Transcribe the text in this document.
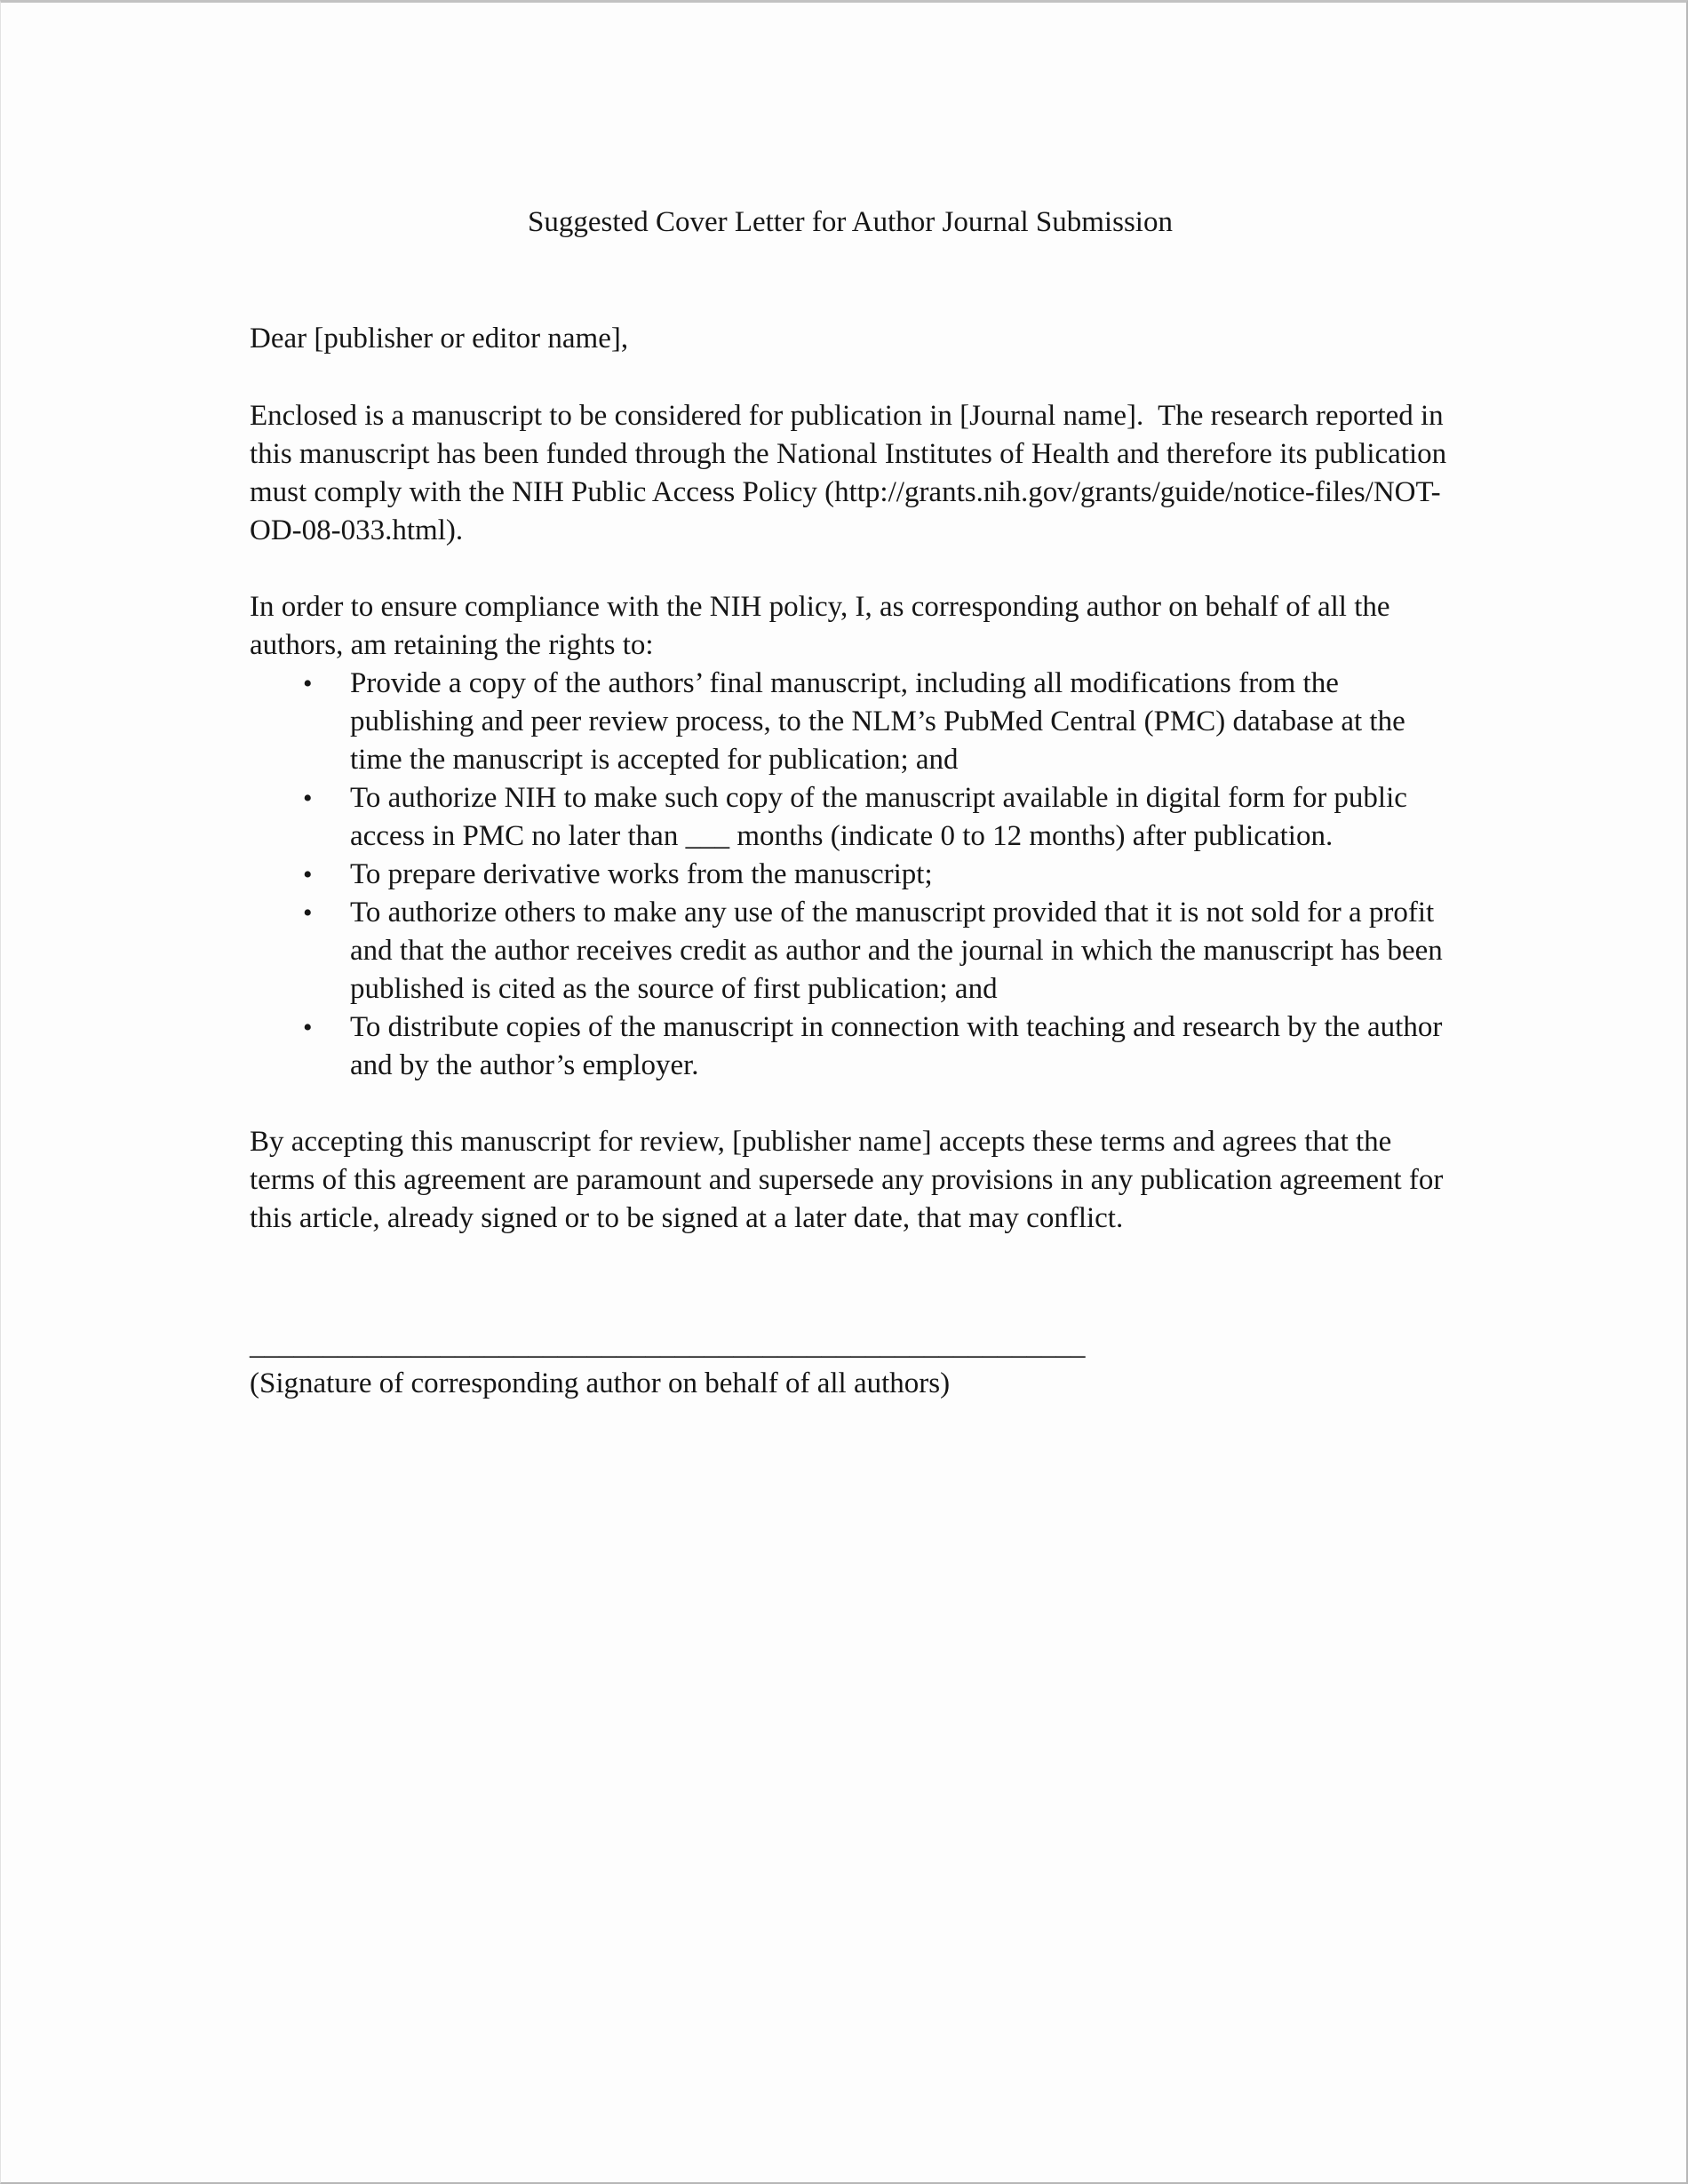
Suggested Cover Letter for Author Journal Submission

Dear [publisher or editor name],

Enclosed is a manuscript to be considered for publication in [Journal name].  The research reported in this manuscript has been funded through the National Institutes of Health and therefore its publication must comply with the NIH Public Access Policy (http://grants.nih.gov/grants/guide/notice-files/NOT-OD-08-033.html).

In order to ensure compliance with the NIH policy, I, as corresponding author on behalf of all the authors, am retaining the rights to:

•	Provide a copy of the authors’ final manuscript, including all modifications from the publishing and peer review process, to the NLM’s PubMed Central (PMC) database at the time the manuscript is accepted for publication; and
•	To authorize NIH to make such copy of the manuscript available in digital form for public access in PMC no later than ___ months (indicate 0 to 12 months) after publication.
•	To prepare derivative works from the manuscript;
•	To authorize others to make any use of the manuscript provided that it is not sold for a profit and that the author receives credit as author and the journal in which the manuscript has been published is cited as the source of first publication; and
•	To distribute copies of the manuscript in connection with teaching and research by the author and by the author’s employer.

By accepting this manuscript for review, [publisher name] accepts these terms and agrees that the terms of this agreement are paramount and supersede any provisions in any publication agreement for this article, already signed or to be signed at a later date, that may conflict.

_________________________________________________________
(Signature of corresponding author on behalf of all authors)
